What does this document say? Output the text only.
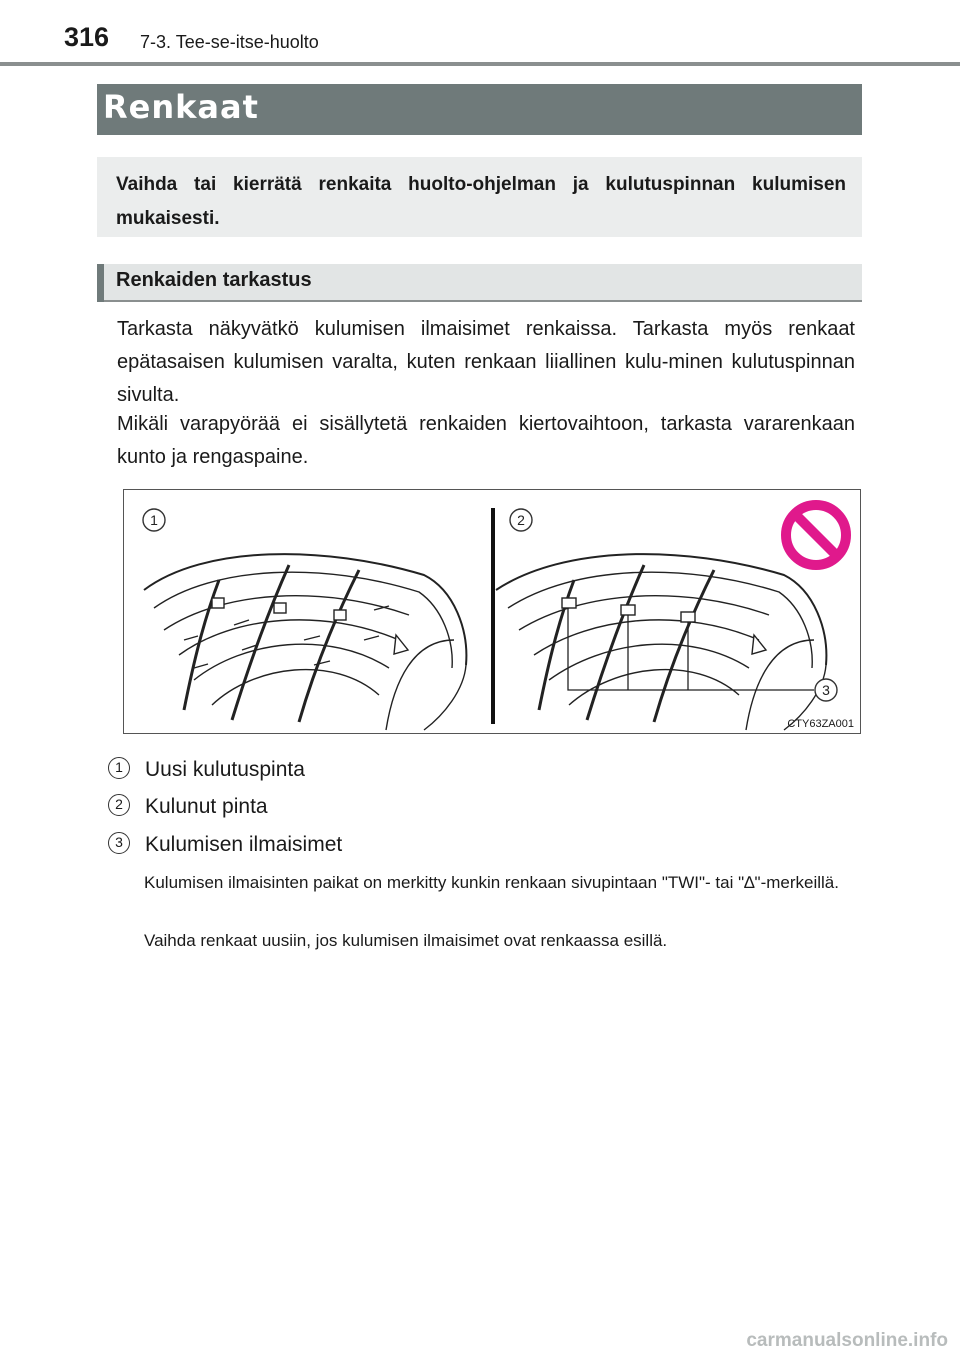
316 7-3. Tee-se-itse-huolto
Renkaat
Vaihda tai kierrätä renkaita huolto-ohjelman ja kulutuspinnan kulumisen mukaisesti.
Renkaiden tarkastus
Tarkasta näkyvätkö kulumisen ilmaisimet renkaissa. Tarkasta myös renkaat epätasaisen kulumisen varalta, kuten renkaan liiallinen kulu-minen kulutuspinnan sivulta.
Mikäli varapyörää ei sisällytetä renkaiden kiertovaihtoon, tarkasta vararenkaan kunto ja rengaspaine.
1	2
3
CTY63ZA001
1	Uusi kulutuspinta
2	Kulunut pinta
3	Kulumisen ilmaisimet
Kulumisen ilmaisinten paikat on merkitty kunkin renkaan sivupintaan "TWI"- tai "∆"-merkeillä.
Vaihda renkaat uusiin, jos kulumisen ilmaisimet ovat renkaassa esillä.
carmanualsonline.info
